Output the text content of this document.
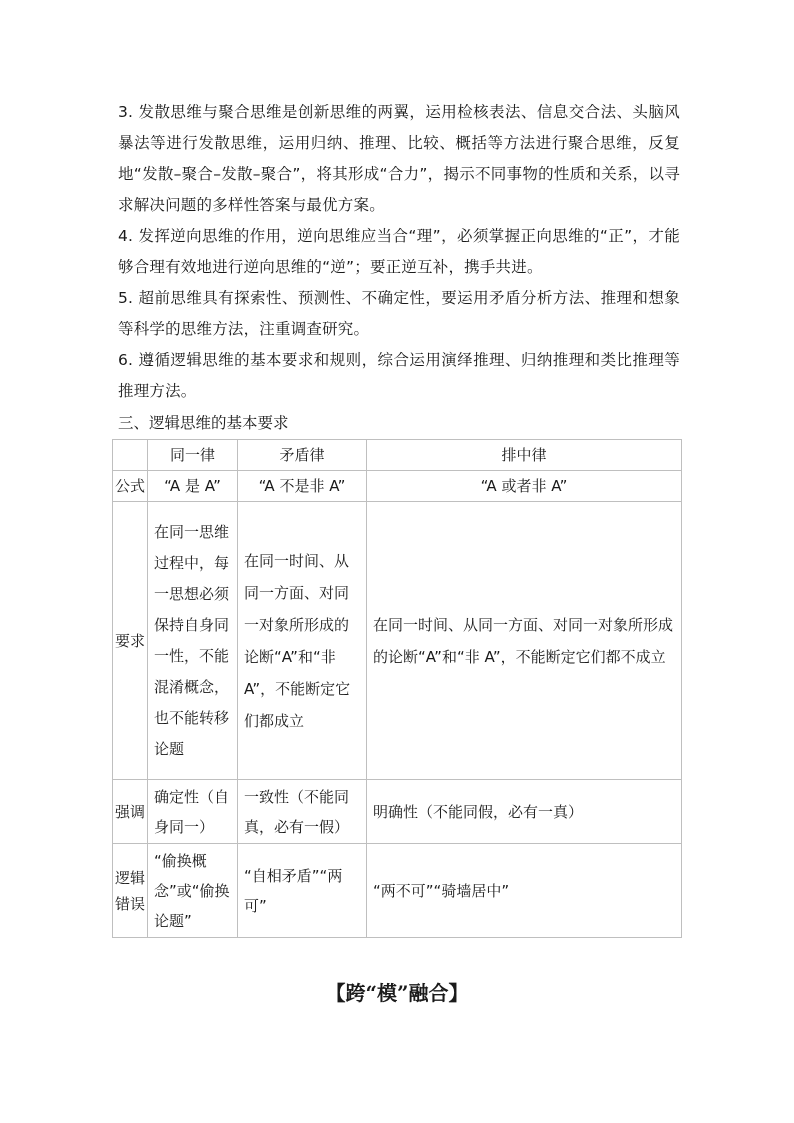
3. 发散思维与聚合思维是创新思维的两翼，运用检核表法、信息交合法、头脑风暴法等进行发散思维，运用归纳、推理、比较、概括等方法进行聚合思维，反复地“发散–聚合–发散–聚合”，将其形成“合力”，揭示不同事物的性质和关系，以寻求解决问题的多样性答案与最优方案。

4. 发挥逆向思维的作用，逆向思维应当合“理”，必须掌握正向思维的“正”，才能够合理有效地进行逆向思维的“逆”；要正逆互补，携手共进。

5. 超前思维具有探索性、预测性、不确定性，要运用矛盾分析方法、推理和想象等科学的思维方法，注重调查研究。

6. 遵循逻辑思维的基本要求和规则，综合运用演绎推理、归纳推理和类比推理等推理方法。

三、逻辑思维的基本要求

	同一律	矛盾律	排中律
公式	“A 是 A”	“A 不是非 A”	“A 或者非 A”
要求	在同一思维过程中，每一思想必须保持自身同一性，不能混淆概念，也不能转移论题	在同一时间、从同一方面、对同一对象所形成的论断“A”和“非A”，不能断定它们都成立	在同一时间、从同一方面、对同一对象所形成的论断“A”和“非 A”，不能断定它们都不成立
强调	确定性（自身同一）	一致性（不能同真，必有一假）	明确性（不能同假，必有一真）
逻辑错误	“偷换概念”或“偷换论题”	“自相矛盾”“两可”	“两不可”“骑墙居中”
【跨“模”融合】
